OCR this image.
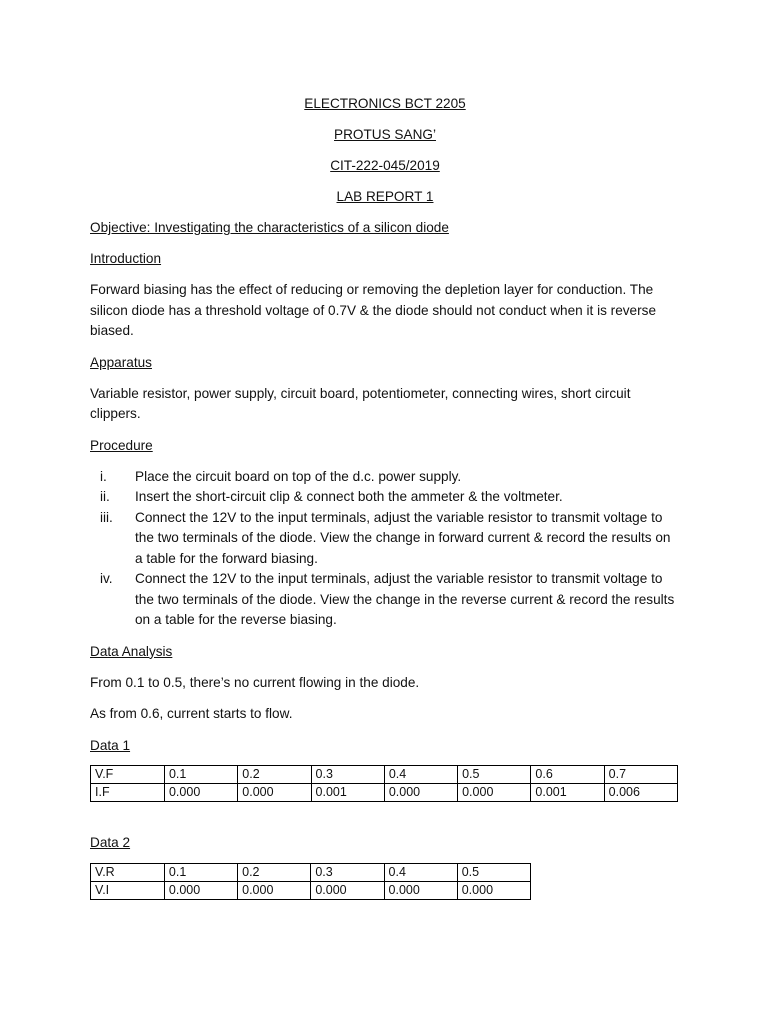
ELECTRONICS BCT 2205
PROTUS SANG’
CIT-222-045/2019
LAB REPORT 1
Objective: Investigating the characteristics of a silicon diode
Introduction

Forward biasing has the effect of reducing or removing the depletion layer for conduction. The silicon diode has a threshold voltage of 0.7V & the diode should not conduct when it is reverse biased.

Apparatus

Variable resistor, power supply, circuit board, potentiometer, connecting wires, short circuit clippers.

Procedure
i.	Place the circuit board on top of the d.c. power supply.
ii.	Insert the short-circuit clip & connect both the ammeter & the voltmeter.
iii.	Connect the 12V to the input terminals, adjust the variable resistor to transmit voltage to the two terminals of the diode. View the change in forward current & record the results on a table for the forward biasing.
iv.	Connect the 12V to the input terminals, adjust the variable resistor to transmit voltage to the two terminals of the diode. View the change in the reverse current & record the results on a table for the reverse biasing.
Data Analysis

From 0.1 to 0.5, there’s no current flowing in the diode.

As from 0.6, current starts to flow.

Data 1
V.F	0.1	0.2	0.3	0.4	0.5	0.6	0.7
I.F	0.000	0.000	0.001	0.000	0.000	0.001	0.006
Data 2
V.R	0.1	0.2	0.3	0.4	0.5
V.I	0.000	0.000	0.000	0.000	0.000
